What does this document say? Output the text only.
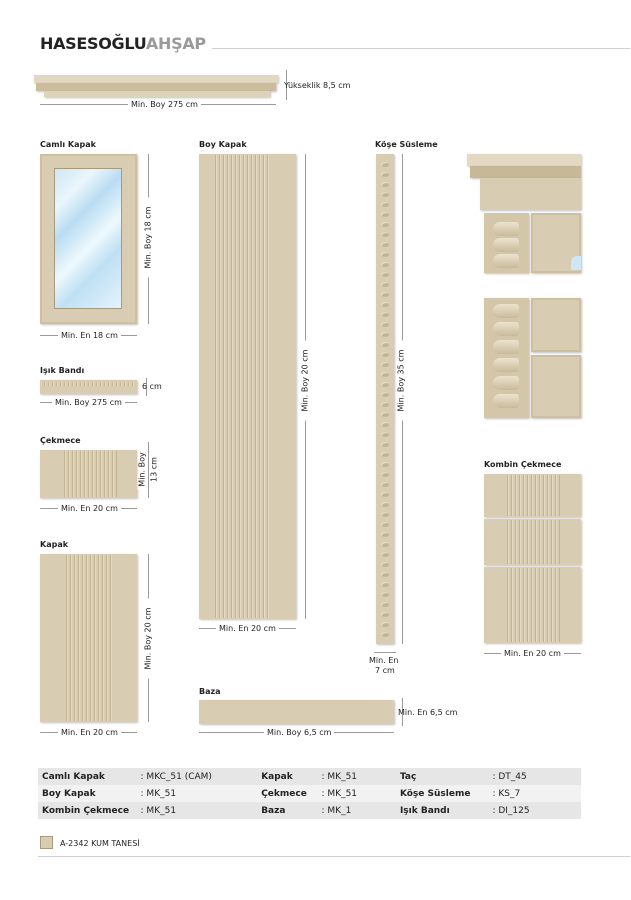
HASESOĞLUAHŞAP
Min. Boy 275 cm
Yükseklik 8,5 cm
Camlı Kapak
Min. Boy 18 cm
Min. En 18 cm
Işık Bandı
6 cm
Min. Boy 275 cm
Çekmece
Min. Boy 13 cm
Min. En 20 cm
Kapak
Min. Boy 20 cm
Min. En 20 cm
Boy Kapak
Min. Boy 20 cm
Min. En 20 cm
Köşe Süsleme
Min. Boy 35 cm
Min. En
7 cm
Kombin Çekmece
Min. En 20 cm
Baza
Min. En 6,5 cm
Min. Boy 6,5 cm
Camlı Kapak	: MKC_51 (CAM)	Kapak	: MK_51	Taç	: DT_45
Boy Kapak	: MK_51	Çekmece	: MK_51	Köşe Süsleme	: KS_7
Kombin Çekmece	: MK_51	Baza	: MK_1	Işık Bandı	: DI_125
A-2342 KUM TANESİ
